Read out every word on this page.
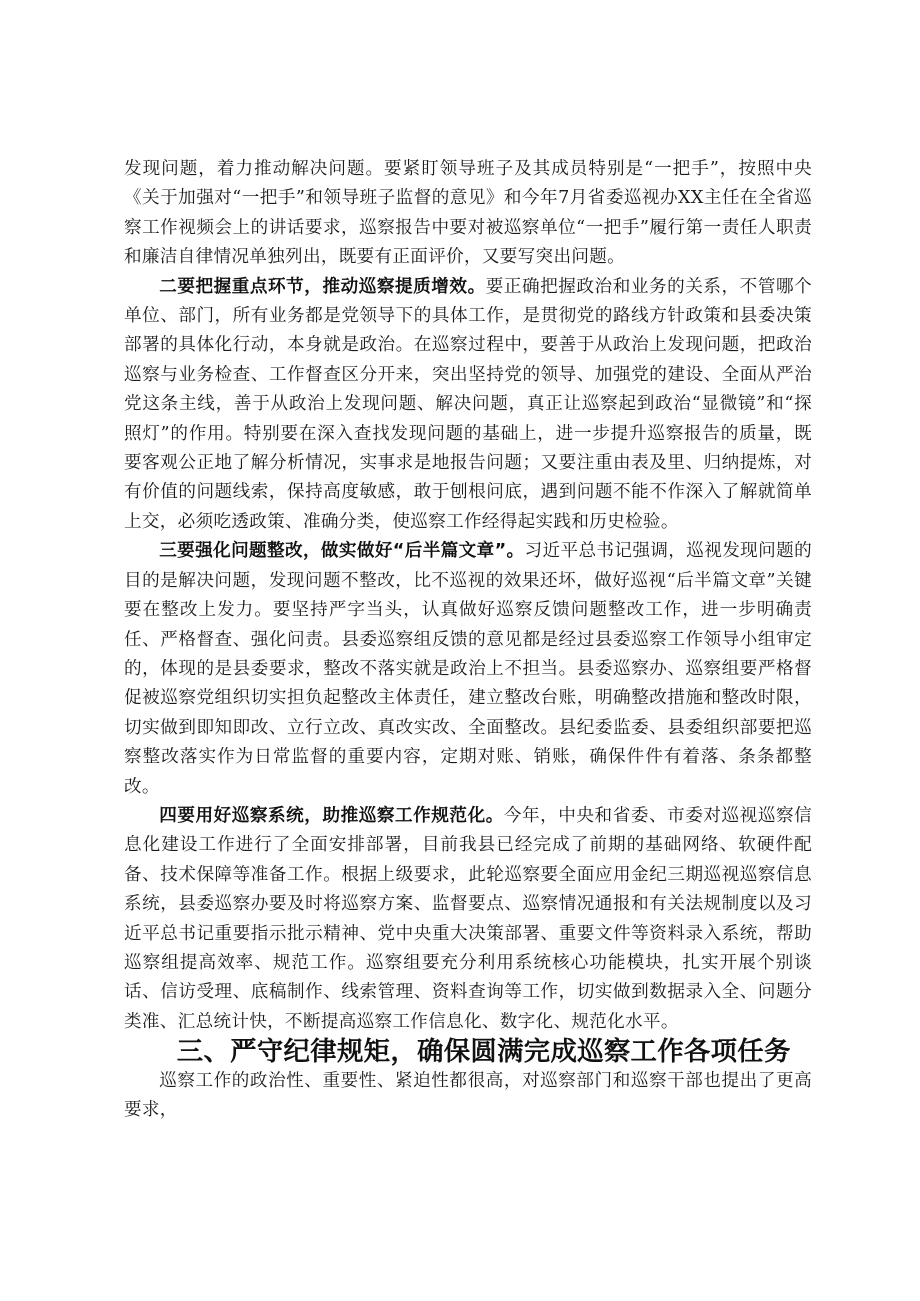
发现问题，着力推动解决问题。要紧盯领导班子及其成员特别是“一把手”，按照中央《关于加强对“一把手”和领导班子监督的意见》和今年7月省委巡视办XX主任在全省巡察工作视频会上的讲话要求，巡察报告中要对被巡察单位“一把手”履行第一责任人职责和廉洁自律情况单独列出，既要有正面评价，又要写突出问题。

二要把握重点环节，推动巡察提质增效。要正确把握政治和业务的关系，不管哪个单位、部门，所有业务都是党领导下的具体工作，是贯彻党的路线方针政策和县委决策部署的具体化行动，本身就是政治。在巡察过程中，要善于从政治上发现问题，把政治巡察与业务检查、工作督查区分开来，突出坚持党的领导、加强党的建设、全面从严治党这条主线，善于从政治上发现问题、解决问题，真正让巡察起到政治“显微镜”和“探照灯”的作用。特别要在深入查找发现问题的基础上，进一步提升巡察报告的质量，既要客观公正地了解分析情况，实事求是地报告问题；又要注重由表及里、归纳提炼，对有价值的问题线索，保持高度敏感，敢于刨根问底，遇到问题不能不作深入了解就简单上交，必须吃透政策、准确分类，使巡察工作经得起实践和历史检验。

三要强化问题整改，做实做好“后半篇文章”。习近平总书记强调，巡视发现问题的目的是解决问题，发现问题不整改，比不巡视的效果还坏，做好巡视“后半篇文章”关键要在整改上发力。要坚持严字当头，认真做好巡察反馈问题整改工作，进一步明确责任、严格督查、强化问责。县委巡察组反馈的意见都是经过县委巡察工作领导小组审定的，体现的是县委要求，整改不落实就是政治上不担当。县委巡察办、巡察组要严格督促被巡察党组织切实担负起整改主体责任，建立整改台账，明确整改措施和整改时限，切实做到即知即改、立行立改、真改实改、全面整改。县纪委监委、县委组织部要把巡察整改落实作为日常监督的重要内容，定期对账、销账，确保件件有着落、条条都整改。

四要用好巡察系统，助推巡察工作规范化。今年，中央和省委、市委对巡视巡察信息化建设工作进行了全面安排部署，目前我县已经完成了前期的基础网络、软硬件配备、技术保障等准备工作。根据上级要求，此轮巡察要全面应用金纪三期巡视巡察信息系统，县委巡察办要及时将巡察方案、监督要点、巡察情况通报和有关法规制度以及习近平总书记重要指示批示精神、党中央重大决策部署、重要文件等资料录入系统，帮助巡察组提高效率、规范工作。巡察组要充分利用系统核心功能模块，扎实开展个别谈话、信访受理、底稿制作、线索管理、资料查询等工作，切实做到数据录入全、问题分类准、汇总统计快，不断提高巡察工作信息化、数字化、规范化水平。

三、严守纪律规矩，确保圆满完成巡察工作各项任务

巡察工作的政治性、重要性、紧迫性都很高，对巡察部门和巡察干部也提出了更高要求，
